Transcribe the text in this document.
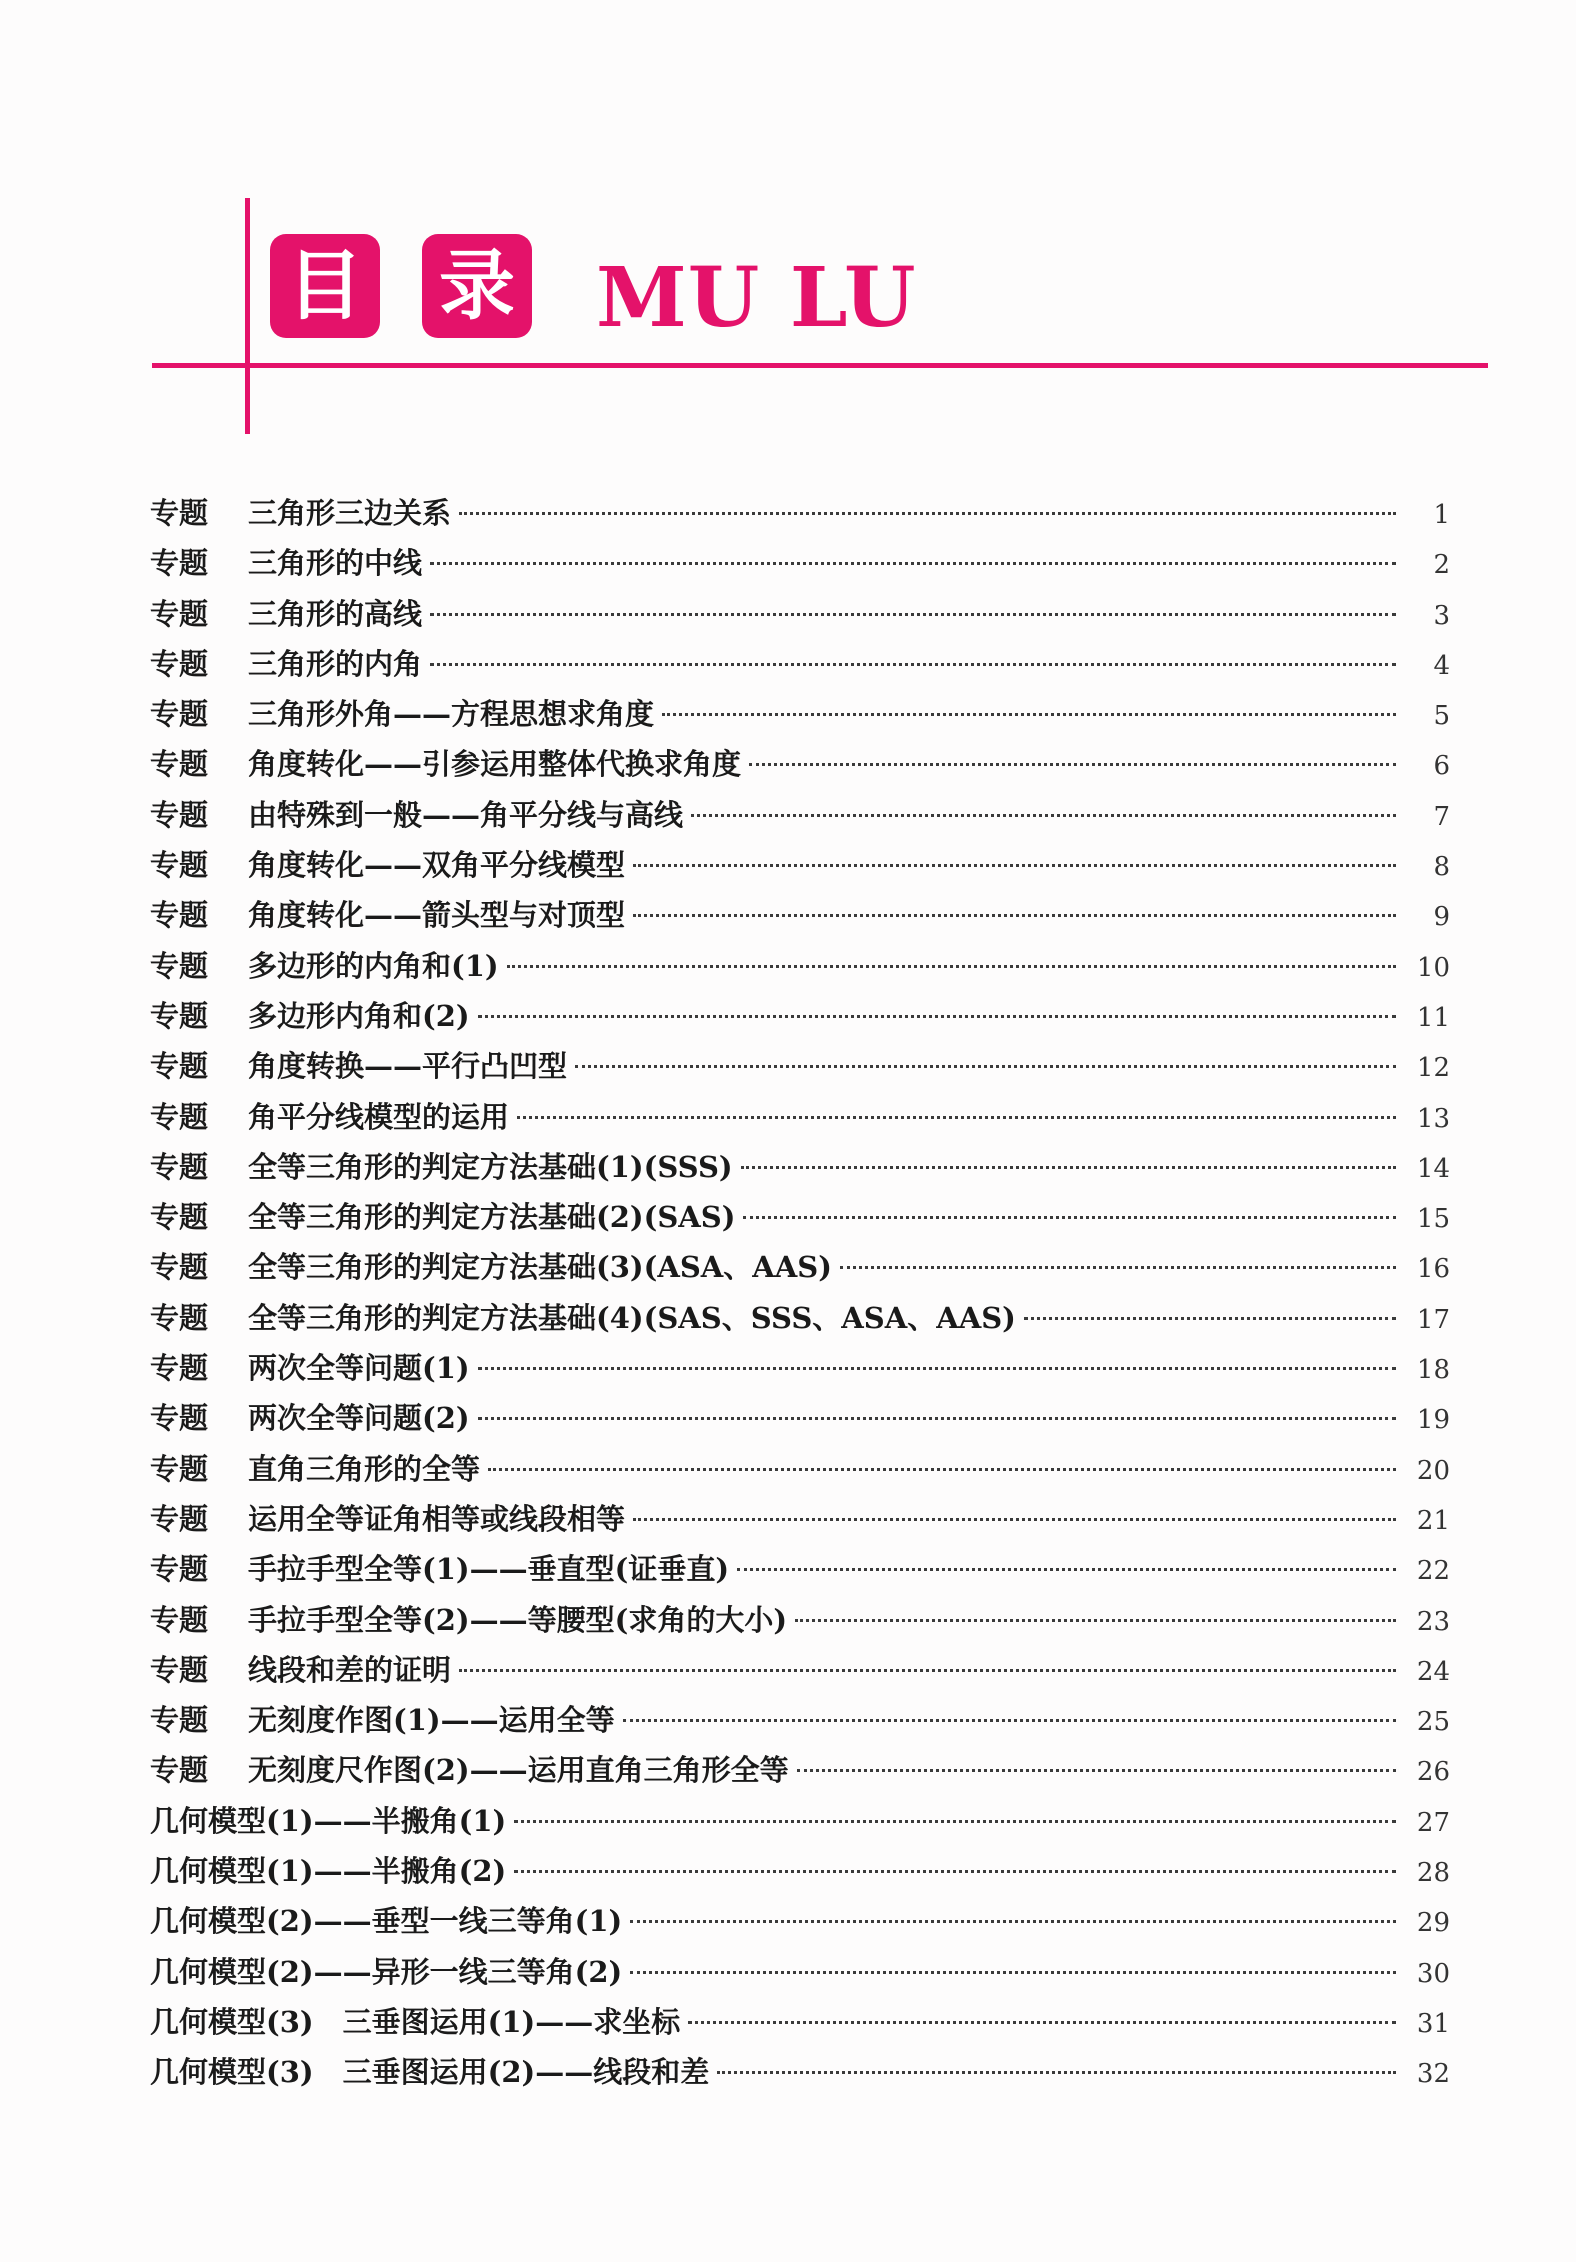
目 录 MU LU
专题 三角形三边关系	1
专题 三角形的中线	2
专题 三角形的高线	3
专题 三角形的内角	4
专题 三角形外角——方程思想求角度	5
专题 角度转化——引参运用整体代换求角度	6
专题 由特殊到一般——角平分线与高线	7
专题 角度转化——双角平分线模型	8
专题 角度转化——箭头型与对顶型	9
专题 多边形的内角和(1)	10
专题 多边形内角和(2)	11
专题 角度转换——平行凸凹型	12
专题 角平分线模型的运用	13
专题 全等三角形的判定方法基础(1)(SSS)	14
专题 全等三角形的判定方法基础(2)(SAS)	15
专题 全等三角形的判定方法基础(3)(ASA、AAS)	16
专题 全等三角形的判定方法基础(4)(SAS、SSS、ASA、AAS)	17
专题 两次全等问题(1)	18
专题 两次全等问题(2)	19
专题 直角三角形的全等	20
专题 运用全等证角相等或线段相等	21
专题 手拉手型全等(1)——垂直型(证垂直)	22
专题 手拉手型全等(2)——等腰型(求角的大小)	23
专题 线段和差的证明	24
专题 无刻度作图(1)——运用全等	25
专题 无刻度尺作图(2)——运用直角三角形全等	26
几何模型(1)——半搬角(1)	27
几何模型(1)——半搬角(2)	28
几何模型(2)——垂型一线三等角(1)	29
几何模型(2)——异形一线三等角(2)	30
几何模型(3)　三垂图运用(1)——求坐标	31
几何模型(3)　三垂图运用(2)——线段和差	32
